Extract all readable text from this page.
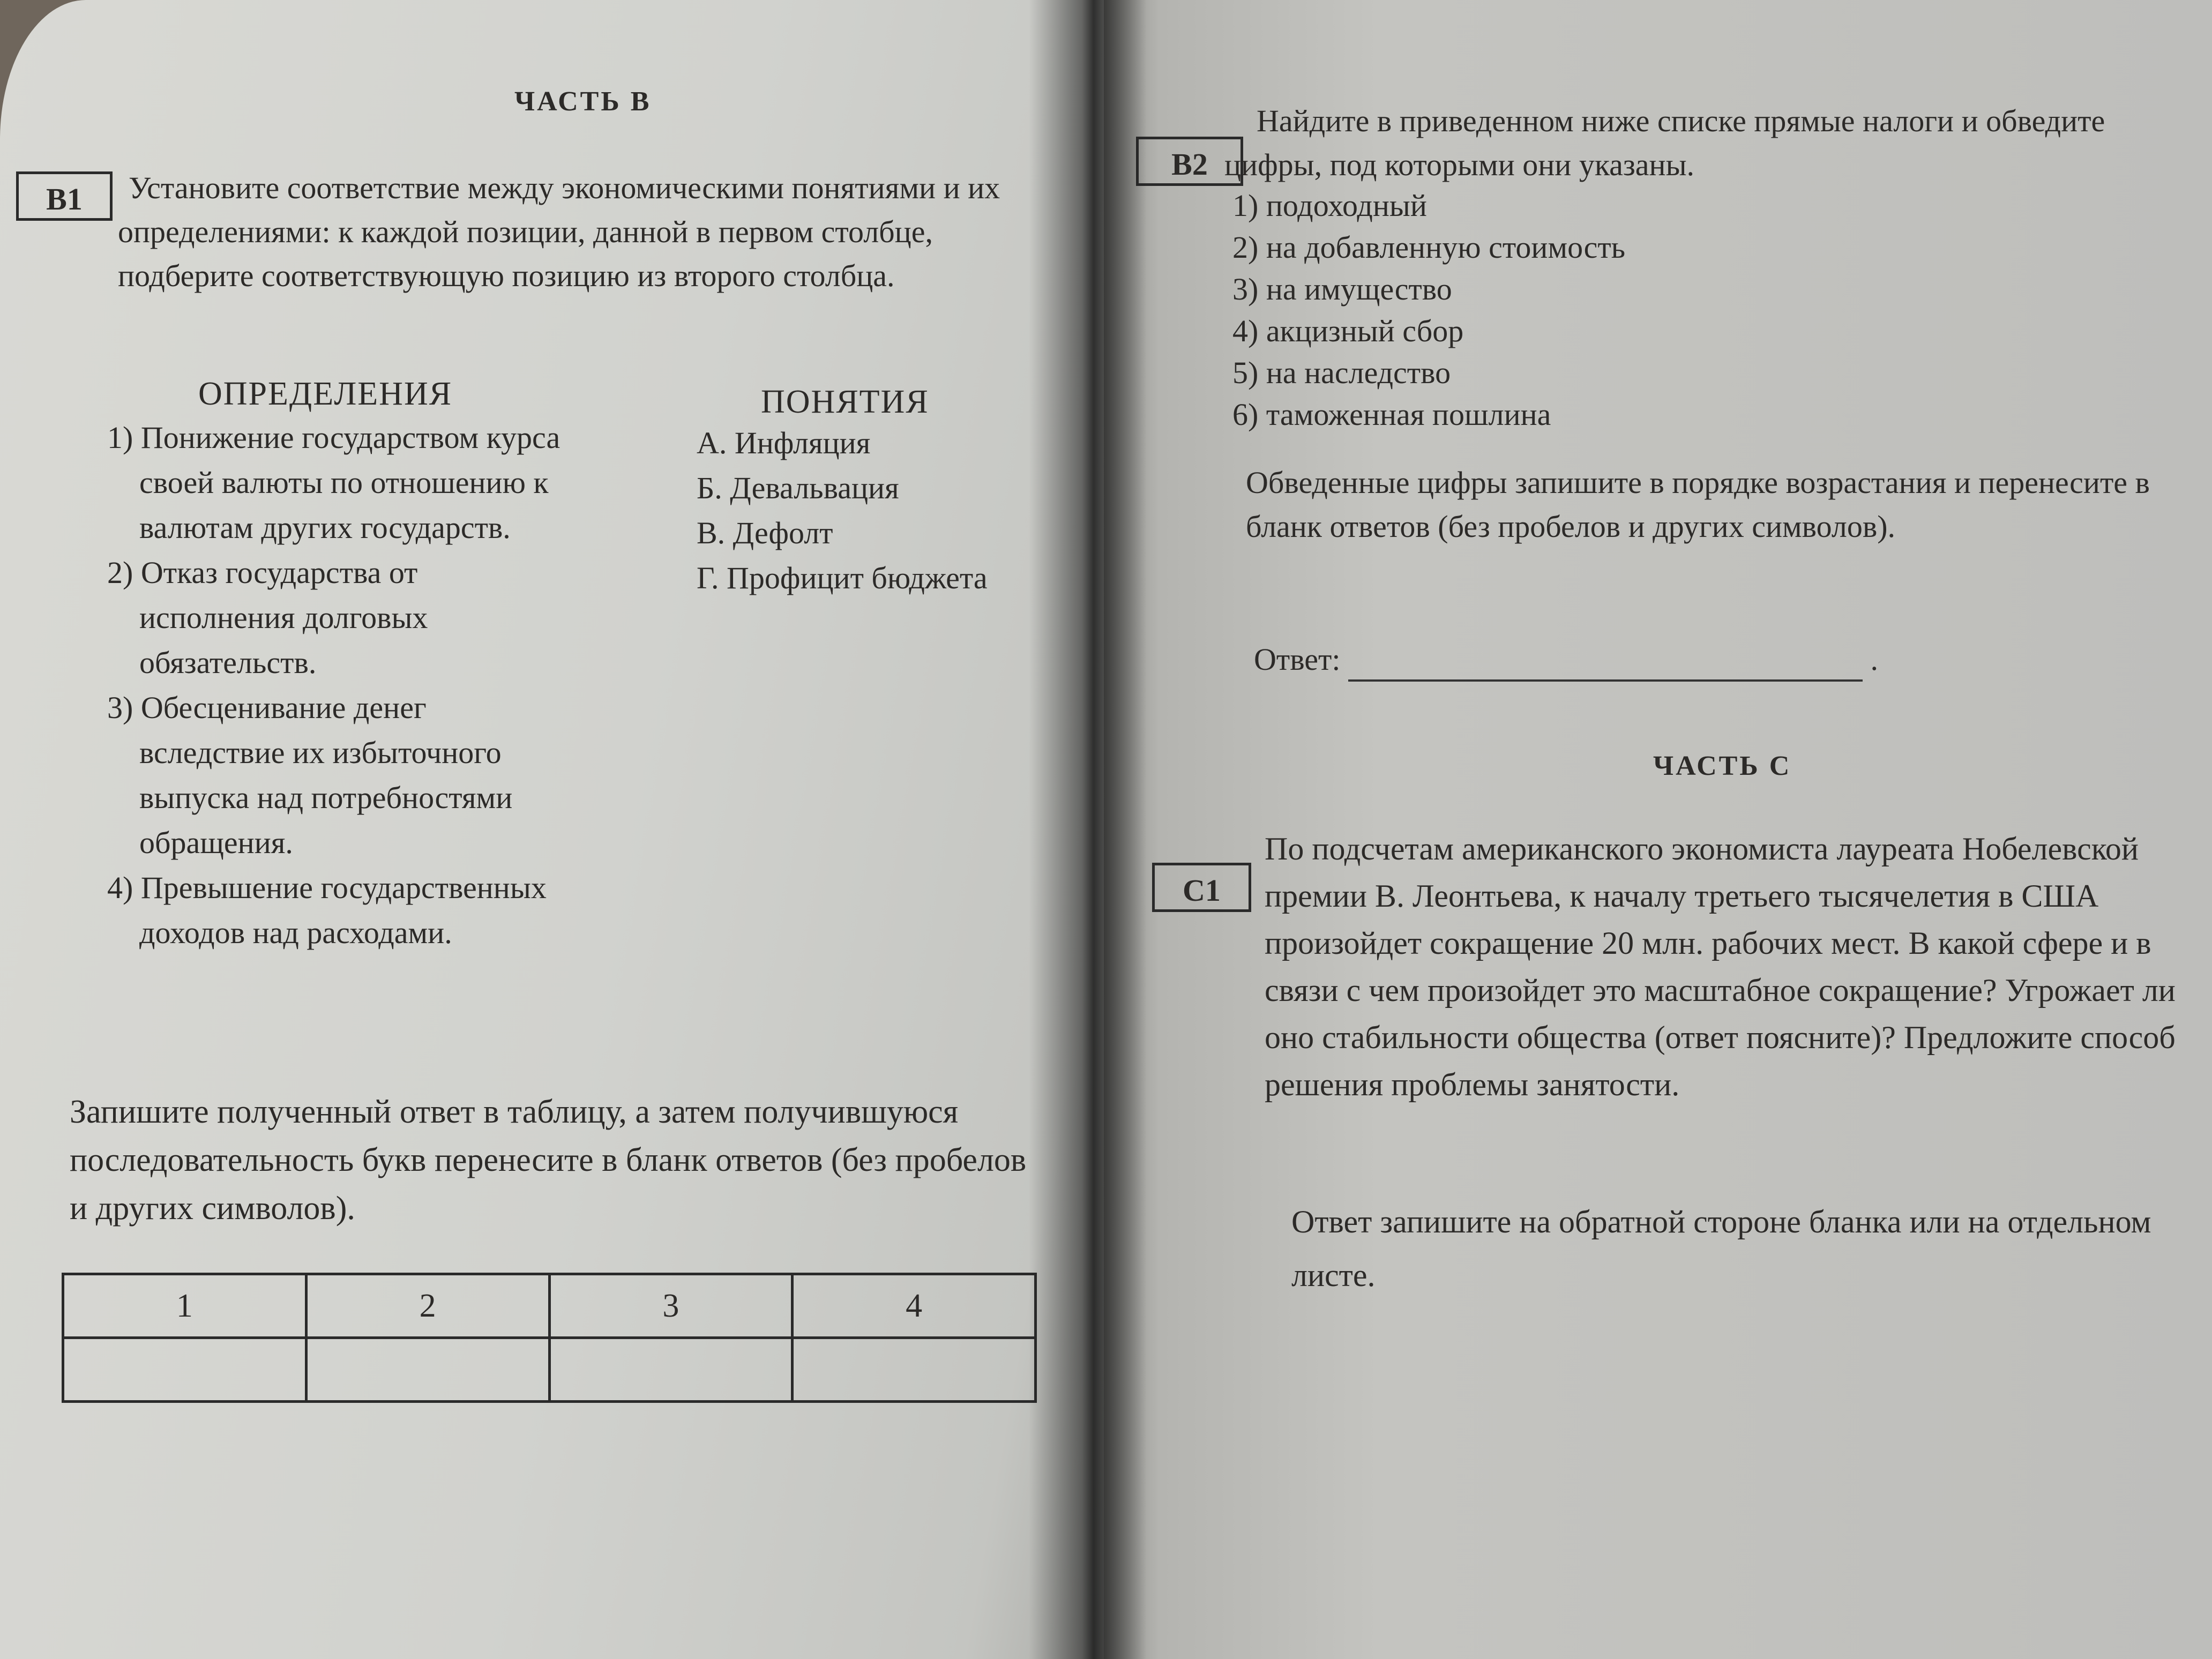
ЧАСТЬ В
В1	Установите соответствие между экономическими понятиями и их определениями: к каждой позиции, данной в первом столбце, подберите соответствующую позицию из второго столбца.
ОПРЕДЕЛЕНИЯ	ПОНЯТИЯ
1) Понижение государством курса своей валюты по отношению к валютам других государств.
2) Отказ государства от исполнения долговых обязательств.
3) Обесценивание денег вследствие их избыточного выпуска над потребностями обращения.
4) Превышение государственных доходов над расходами.
А. Инфляция
Б. Девальвация
В. Дефолт
Г. Профицит бюджета
Запишите полученный ответ в таблицу, а затем получившуюся последовательность букв перенесите в бланк ответов (без пробелов и других символов).
1	2	3	4

В2
Найдите в приведенном ниже списке прямые налоги и обведите цифры, под которыми они указаны.
1) подоходный
2) на добавленную стоимость
3) на имущество
4) акцизный сбор
5) на наследство
6) таможенная пошлина
Обведенные цифры запишите в порядке возрастания и перенесите в бланк ответов (без пробелов и других символов).
Ответ:	.
ЧАСТЬ С
С1
По подсчетам американского экономиста лауреата Нобелевской премии В. Леонтьева, к началу третьего тысячелетия в США произойдет сокращение 20 млн. рабочих мест. В какой сфере и в связи с чем произойдет это масштабное сокращение? Угрожает ли оно стабильности общества (ответ поясните)? Предложите способ решения проблемы занятости.
Ответ запишите на обратной стороне бланка или на отдельном листе.
